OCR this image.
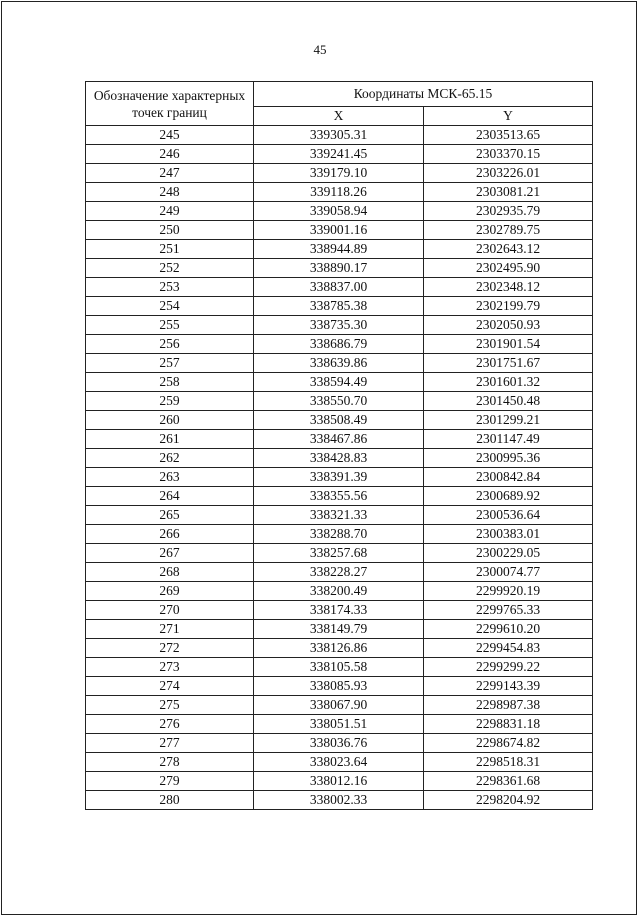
45
Обозначение характерных
точек границ	Координаты МСК-65.15	
	X	Y
245	339305.31	2303513.65
246	339241.45	2303370.15
247	339179.10	2303226.01
248	339118.26	2303081.21
249	339058.94	2302935.79
250	339001.16	2302789.75
251	338944.89	2302643.12
252	338890.17	2302495.90
253	338837.00	2302348.12
254	338785.38	2302199.79
255	338735.30	2302050.93
256	338686.79	2301901.54
257	338639.86	2301751.67
258	338594.49	2301601.32
259	338550.70	2301450.48
260	338508.49	2301299.21
261	338467.86	2301147.49
262	338428.83	2300995.36
263	338391.39	2300842.84
264	338355.56	2300689.92
265	338321.33	2300536.64
266	338288.70	2300383.01
267	338257.68	2300229.05
268	338228.27	2300074.77
269	338200.49	2299920.19
270	338174.33	2299765.33
271	338149.79	2299610.20
272	338126.86	2299454.83
273	338105.58	2299299.22
274	338085.93	2299143.39
275	338067.90	2298987.38
276	338051.51	2298831.18
277	338036.76	2298674.82
278	338023.64	2298518.31
279	338012.16	2298361.68
280	338002.33	2298204.92
